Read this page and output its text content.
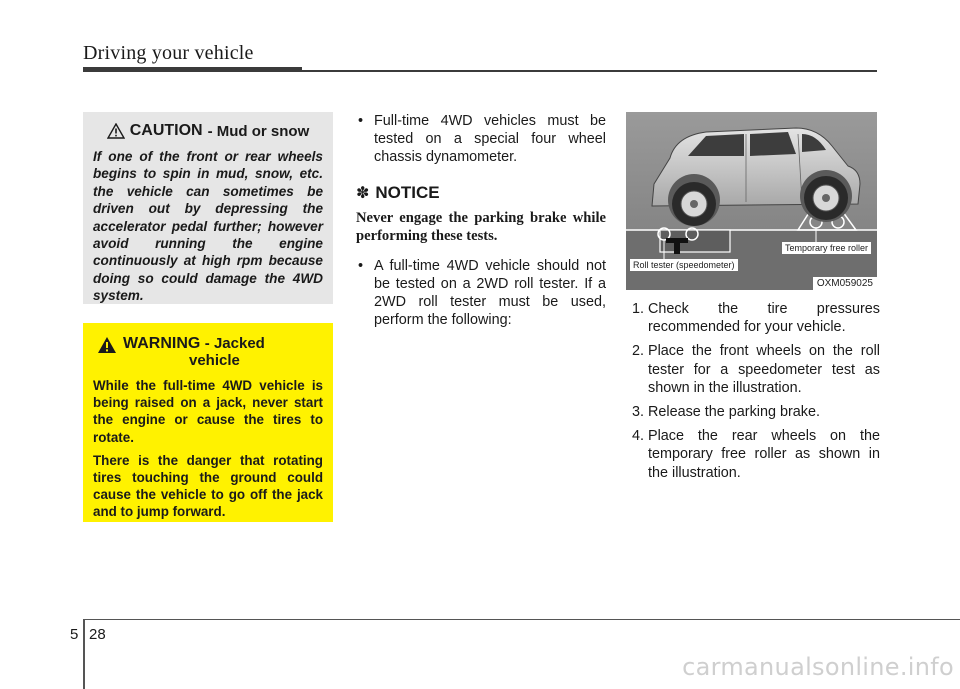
Driving your vehicle
CAUTION - Mud or snow

If one of the front or rear wheels begins to spin in mud, snow, etc. the vehicle can sometimes be driven out by depressing the accelerator pedal further; however avoid running the engine continuously at high rpm because doing so could damage the 4WD system.

WARNING - Jacked
vehicle

While the full-time 4WD vehicle is being raised on a jack, never start the engine or cause the tires to rotate.

There is the danger that rotating tires touching the ground could cause the vehicle to go off the jack and to jump forward.

• Full-time 4WD vehicles must be tested on a special four wheel chassis dynamometer.
✽ NOTICE

Never engage the parking brake while performing these tests.

• A full-time 4WD vehicle should not be tested on a 2WD roll tester. If a 2WD roll tester must be used, perform the following:
Temporary free roller
Roll tester (speedometer)
OXM059025
1. Check the tire pressures recommended for your vehicle.
2. Place the front wheels on the roll tester for a speedometer test as shown in the illustration.
3. Release the parking brake.
4. Place the rear wheels on the temporary free roller as shown in the illustration.
5 28
carmanualsonline.info
